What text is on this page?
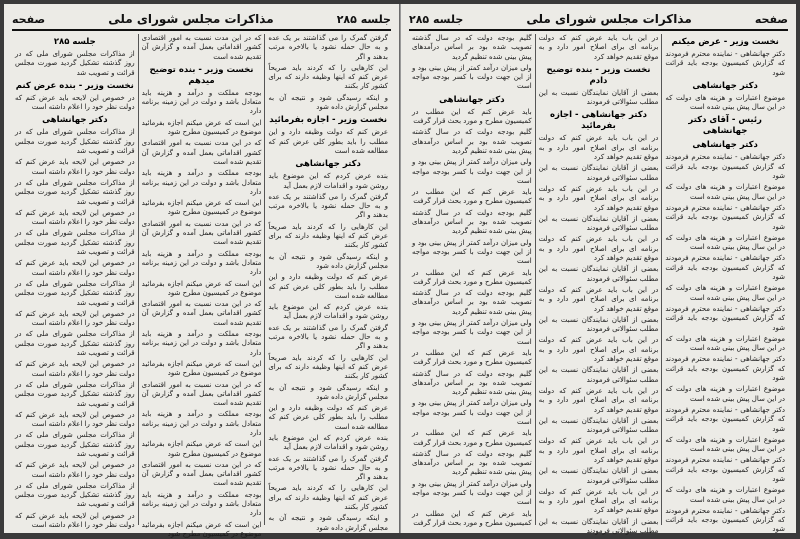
جلسه ۲۸۵
مذاکرات مجلس شورای ملی
صفحه
گرفتن گمرک را می گذاشتند بر یک عده و به حال حمله نشود یا بالاخره مرتب بدهند و اگر
این کارهایی را که کردند باید صریحاً عرض کنم که اینها وظیفه دارند که برای کشور کار بکنند
و اینکه رسیدگی شود و نتیجه آن به مجلس گزارش داده شود
نخست وزیر - اجازه بفرمائید
عرض کنم که دولت وظیفه دارد و این مطلب را باید بطور کلی عرض کنم که مطالعه شده است
دکتر جهانشاهی
بنده عرض کردم که این موضوع باید روشن شود و اقدامات لازم بعمل آید
گرفتن گمرک را می گذاشتند بر یک عده و به حال حمله نشود یا بالاخره مرتب بدهند و اگر
این کارهایی را که کردند باید صریحاً عرض کنم که اینها وظیفه دارند که برای کشور کار بکنند
و اینکه رسیدگی شود و نتیجه آن به مجلس گزارش داده شود
عرض کنم که دولت وظیفه دارد و این مطلب را باید بطور کلی عرض کنم که مطالعه شده است
بنده عرض کردم که این موضوع باید روشن شود و اقدامات لازم بعمل آید
گرفتن گمرک را می گذاشتند بر یک عده و به حال حمله نشود یا بالاخره مرتب بدهند و اگر
این کارهایی را که کردند باید صریحاً عرض کنم که اینها وظیفه دارند که برای کشور کار بکنند
و اینکه رسیدگی شود و نتیجه آن به مجلس گزارش داده شود
عرض کنم که دولت وظیفه دارد و این مطلب را باید بطور کلی عرض کنم که مطالعه شده است
بنده عرض کردم که این موضوع باید روشن شود و اقدامات لازم بعمل آید
گرفتن گمرک را می گذاشتند بر یک عده و به حال حمله نشود یا بالاخره مرتب بدهند و اگر
این کارهایی را که کردند باید صریحاً عرض کنم که اینها وظیفه دارند که برای کشور کار بکنند
و اینکه رسیدگی شود و نتیجه آن به مجلس گزارش داده شود
که در این مدت نسبت به امور اقتصادی کشور اقداماتی بعمل آمده و گزارش آن تقدیم شده است
نخست وزیر - بنده توضیح میدهم
بودجه مملکت و درآمد و هزینه باید متعادل باشد و دولت در این زمینه برنامه دارد
این است که عرض میکنم اجازه بفرمائید موضوع در کمیسیون مطرح شود
که در این مدت نسبت به امور اقتصادی کشور اقداماتی بعمل آمده و گزارش آن تقدیم شده است
بودجه مملکت و درآمد و هزینه باید متعادل باشد و دولت در این زمینه برنامه دارد
این است که عرض میکنم اجازه بفرمائید موضوع در کمیسیون مطرح شود
که در این مدت نسبت به امور اقتصادی کشور اقداماتی بعمل آمده و گزارش آن تقدیم شده است
بودجه مملکت و درآمد و هزینه باید متعادل باشد و دولت در این زمینه برنامه دارد
این است که عرض میکنم اجازه بفرمائید موضوع در کمیسیون مطرح شود
که در این مدت نسبت به امور اقتصادی کشور اقداماتی بعمل آمده و گزارش آن تقدیم شده است
بودجه مملکت و درآمد و هزینه باید متعادل باشد و دولت در این زمینه برنامه دارد
این است که عرض میکنم اجازه بفرمائید موضوع در کمیسیون مطرح شود
که در این مدت نسبت به امور اقتصادی کشور اقداماتی بعمل آمده و گزارش آن تقدیم شده است
بودجه مملکت و درآمد و هزینه باید متعادل باشد و دولت در این زمینه برنامه دارد
این است که عرض میکنم اجازه بفرمائید موضوع در کمیسیون مطرح شود
که در این مدت نسبت به امور اقتصادی کشور اقداماتی بعمل آمده و گزارش آن تقدیم شده است
بودجه مملکت و درآمد و هزینه باید متعادل باشد و دولت در این زمینه برنامه دارد
این است که عرض میکنم اجازه بفرمائید موضوع در کمیسیون مطرح شود
جلسه ۲۸۵
از مذاکرات مجلس شورای ملی که در روز گذشته تشکیل گردید صورت مجلس قرائت و تصویب شد
نخست وزیر - بنده عرض کنم
در خصوص این لایحه باید عرض کنم که دولت نظر خود را اعلام داشته است
دکتر جهانشاهی
از مذاکرات مجلس شورای ملی که در روز گذشته تشکیل گردید صورت مجلس قرائت و تصویب شد
در خصوص این لایحه باید عرض کنم که دولت نظر خود را اعلام داشته است
از مذاکرات مجلس شورای ملی که در روز گذشته تشکیل گردید صورت مجلس قرائت و تصویب شد
در خصوص این لایحه باید عرض کنم که دولت نظر خود را اعلام داشته است
از مذاکرات مجلس شورای ملی که در روز گذشته تشکیل گردید صورت مجلس قرائت و تصویب شد
در خصوص این لایحه باید عرض کنم که دولت نظر خود را اعلام داشته است
از مذاکرات مجلس شورای ملی که در روز گذشته تشکیل گردید صورت مجلس قرائت و تصویب شد
در خصوص این لایحه باید عرض کنم که دولت نظر خود را اعلام داشته است
از مذاکرات مجلس شورای ملی که در روز گذشته تشکیل گردید صورت مجلس قرائت و تصویب شد
در خصوص این لایحه باید عرض کنم که دولت نظر خود را اعلام داشته است
از مذاکرات مجلس شورای ملی که در روز گذشته تشکیل گردید صورت مجلس قرائت و تصویب شد
در خصوص این لایحه باید عرض کنم که دولت نظر خود را اعلام داشته است
از مذاکرات مجلس شورای ملی که در روز گذشته تشکیل گردید صورت مجلس قرائت و تصویب شد
در خصوص این لایحه باید عرض کنم که دولت نظر خود را اعلام داشته است
از مذاکرات مجلس شورای ملی که در روز گذشته تشکیل گردید صورت مجلس قرائت و تصویب شد
در خصوص این لایحه باید عرض کنم که دولت نظر خود را اعلام داشته است
صفحه
مذاکرات مجلس شورای ملی
جلسه ۲۸۵
نخست وزیر - عرض میکنم
دکتر جهانشاهی - نماینده محترم فرمودند که گزارش کمیسیون بودجه باید قرائت شود
دکتر جهانشاهی
موضوع اعتبارات و هزینه های دولت که در این سال پیش بینی شده است
رئیس - آقای دکتر جهانشاهی
دکتر جهانشاهی
دکتر جهانشاهی - نماینده محترم فرمودند که گزارش کمیسیون بودجه باید قرائت شود
موضوع اعتبارات و هزینه های دولت که در این سال پیش بینی شده است
دکتر جهانشاهی - نماینده محترم فرمودند که گزارش کمیسیون بودجه باید قرائت شود
موضوع اعتبارات و هزینه های دولت که در این سال پیش بینی شده است
دکتر جهانشاهی - نماینده محترم فرمودند که گزارش کمیسیون بودجه باید قرائت شود
موضوع اعتبارات و هزینه های دولت که در این سال پیش بینی شده است
دکتر جهانشاهی - نماینده محترم فرمودند که گزارش کمیسیون بودجه باید قرائت شود
موضوع اعتبارات و هزینه های دولت که در این سال پیش بینی شده است
دکتر جهانشاهی - نماینده محترم فرمودند که گزارش کمیسیون بودجه باید قرائت شود
موضوع اعتبارات و هزینه های دولت که در این سال پیش بینی شده است
دکتر جهانشاهی - نماینده محترم فرمودند که گزارش کمیسیون بودجه باید قرائت شود
موضوع اعتبارات و هزینه های دولت که در این سال پیش بینی شده است
دکتر جهانشاهی - نماینده محترم فرمودند که گزارش کمیسیون بودجه باید قرائت شود
موضوع اعتبارات و هزینه های دولت که در این سال پیش بینی شده است
دکتر جهانشاهی - نماینده محترم فرمودند که گزارش کمیسیون بودجه باید قرائت شود
در این باب باید عرض کنم که دولت برنامه ای برای اصلاح امور دارد و به موقع تقدیم خواهد کرد
نخست وزیر - بنده توضیح دادم
بعضی از آقایان نمایندگان نسبت به این مطلب سئوالاتی فرمودند
دکتر جهانشاهی - اجازه بفرمائید
در این باب باید عرض کنم که دولت برنامه ای برای اصلاح امور دارد و به موقع تقدیم خواهد کرد
بعضی از آقایان نمایندگان نسبت به این مطلب سئوالاتی فرمودند
در این باب باید عرض کنم که دولت برنامه ای برای اصلاح امور دارد و به موقع تقدیم خواهد کرد
بعضی از آقایان نمایندگان نسبت به این مطلب سئوالاتی فرمودند
در این باب باید عرض کنم که دولت برنامه ای برای اصلاح امور دارد و به موقع تقدیم خواهد کرد
بعضی از آقایان نمایندگان نسبت به این مطلب سئوالاتی فرمودند
در این باب باید عرض کنم که دولت برنامه ای برای اصلاح امور دارد و به موقع تقدیم خواهد کرد
بعضی از آقایان نمایندگان نسبت به این مطلب سئوالاتی فرمودند
در این باب باید عرض کنم که دولت برنامه ای برای اصلاح امور دارد و به موقع تقدیم خواهد کرد
بعضی از آقایان نمایندگان نسبت به این مطلب سئوالاتی فرمودند
در این باب باید عرض کنم که دولت برنامه ای برای اصلاح امور دارد و به موقع تقدیم خواهد کرد
بعضی از آقایان نمایندگان نسبت به این مطلب سئوالاتی فرمودند
در این باب باید عرض کنم که دولت برنامه ای برای اصلاح امور دارد و به موقع تقدیم خواهد کرد
بعضی از آقایان نمایندگان نسبت به این مطلب سئوالاتی فرمودند
در این باب باید عرض کنم که دولت برنامه ای برای اصلاح امور دارد و به موقع تقدیم خواهد کرد
بعضی از آقایان نمایندگان نسبت به این مطلب سئوالاتی فرمودند
گلیم بودجه دولت که در سال گذشته تصویب شده بود بر اساس درآمدهای پیش بینی شده تنظیم گردید
ولی میزان درآمد کمتر از پیش بینی بود و از این جهت دولت با کسر بودجه مواجه است
دکتر جهانشاهی
باید عرض کنم که این مطلب در کمیسیون مطرح و مورد بحث قرار گرفت
گلیم بودجه دولت که در سال گذشته تصویب شده بود بر اساس درآمدهای پیش بینی شده تنظیم گردید
ولی میزان درآمد کمتر از پیش بینی بود و از این جهت دولت با کسر بودجه مواجه است
باید عرض کنم که این مطلب در کمیسیون مطرح و مورد بحث قرار گرفت
گلیم بودجه دولت که در سال گذشته تصویب شده بود بر اساس درآمدهای پیش بینی شده تنظیم گردید
ولی میزان درآمد کمتر از پیش بینی بود و از این جهت دولت با کسر بودجه مواجه است
باید عرض کنم که این مطلب در کمیسیون مطرح و مورد بحث قرار گرفت
گلیم بودجه دولت که در سال گذشته تصویب شده بود بر اساس درآمدهای پیش بینی شده تنظیم گردید
ولی میزان درآمد کمتر از پیش بینی بود و از این جهت دولت با کسر بودجه مواجه است
باید عرض کنم که این مطلب در کمیسیون مطرح و مورد بحث قرار گرفت
گلیم بودجه دولت که در سال گذشته تصویب شده بود بر اساس درآمدهای پیش بینی شده تنظیم گردید
ولی میزان درآمد کمتر از پیش بینی بود و از این جهت دولت با کسر بودجه مواجه است
باید عرض کنم که این مطلب در کمیسیون مطرح و مورد بحث قرار گرفت
گلیم بودجه دولت که در سال گذشته تصویب شده بود بر اساس درآمدهای پیش بینی شده تنظیم گردید
ولی میزان درآمد کمتر از پیش بینی بود و از این جهت دولت با کسر بودجه مواجه است
باید عرض کنم که این مطلب در کمیسیون مطرح و مورد بحث قرار گرفت
